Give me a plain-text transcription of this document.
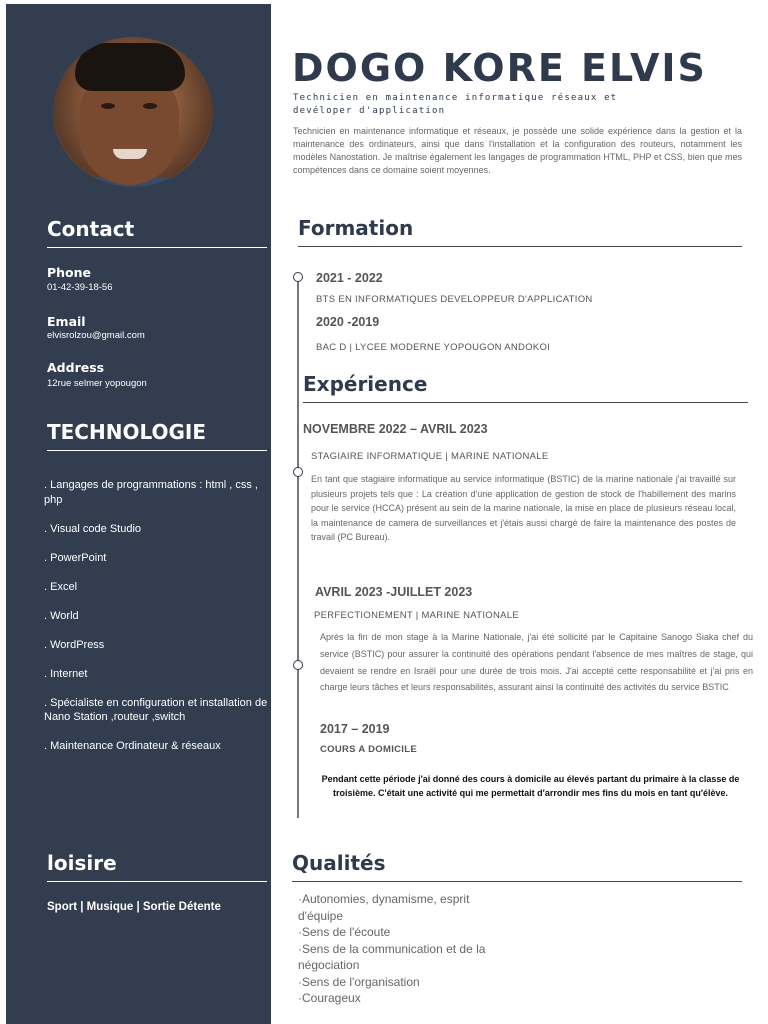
Contact
Phone
01-42-39-18-56
Email
elvisrolzou@gmail.com
Address
12rue selmer yopougon
TECHNOLOGIE
. Langages de programmations : html , css , php
. Visual code Studio
. PowerPoint
. Excel
. World
. WordPress
. Internet
. Spécialiste en configuration et installation de Nano Station ,routeur ,switch
. Maintenance Ordinateur & réseaux
loisire
Sport | Musique | Sortie Détente
DOGO KORE ELVIS
Technicien en maintenance informatique réseaux et devéloper d'application
Technicien en maintenance informatique et réseaux, je possède une solide expérience dans la gestion et la maintenance des ordinateurs, ainsi que dans l'installation et la configuration des routeurs, notamment les modèles Nanostation. Je maîtrise également les langages de programmation HTML, PHP et CSS, bien que mes compétences dans ce domaine soient moyennes.
Formation
2021 - 2022
BTS EN INFORMATIQUES DEVELOPPEUR D'APPLICATION
2020 -2019
BAC D | LYCEE MODERNE YOPOUGON ANDOKOI
Expérience
NOVEMBRE 2022 – AVRIL 2023
STAGIAIRE INFORMATIQUE | MARINE NATIONALE
En tant que stagiaire informatique au service informatique (BSTIC) de la marine nationale j'ai travaillé sur plusieurs projets tels que : La création d'une application de gestion de stock de l'habillement des marins pour le service (HCCA) présent au sein de la marine nationale, la mise en place de plusieurs réseau local, la maintenance de camera de surveillances et j'étais aussi chargé de faire la maintenance des postes de travail (PC Bureau).
AVRIL 2023 -JUILLET 2023
PERFECTIONEMENT | MARINE NATIONALE
Après la fin de mon stage à la Marine Nationale, j'ai été sollicité par le Capitaine Sanogo Siaka chef du service (BSTIC) pour assurer la continuité des opérations pendant l'absence de mes maîtres de stage, qui devaient se rendre en Israël pour une durée de trois mois. J'ai accepté cette responsabilité et j'ai pris en charge leurs tâches et leurs responsabilités, assurant ainsi la continuité des activités du service BSTIC
2017 – 2019
COURS A DOMICILE
Pendant cette période j'ai donné des cours à domicile au élevés partant du primaire à la classe de troisième. C'était une activité qui me permettait d'arrondir mes fins du mois en tant qu'élève.
Qualités
·Autonomies, dynamisme, esprit d'équipe
·Sens de l'écoute
·Sens de la communication et de la négociation
·Sens de l'organisation
·Courageux
